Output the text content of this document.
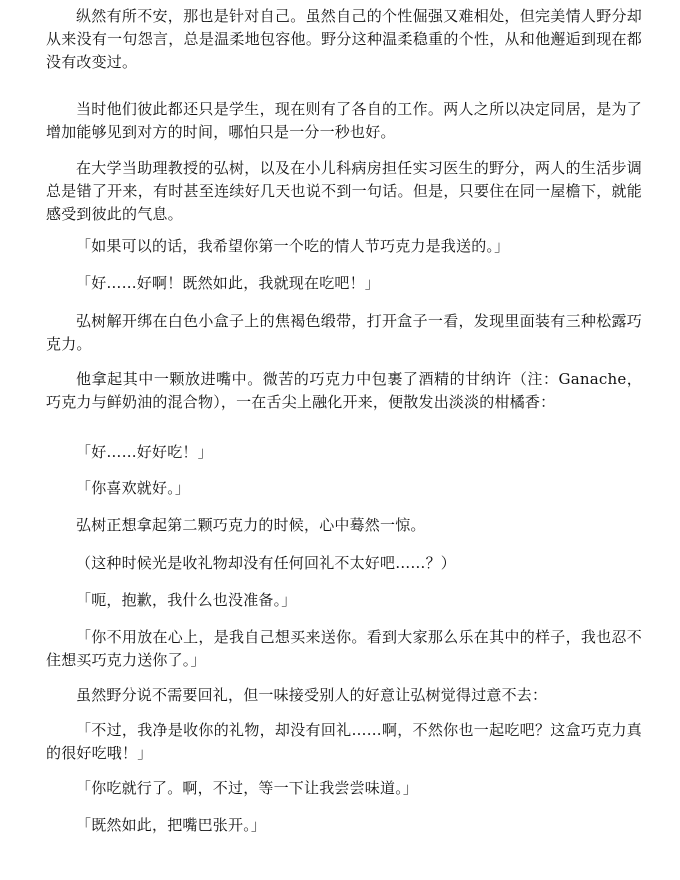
纵然有所不安，那也是针对自己。虽然自己的个性倔强又难相处，但完美情人野分却从来没有一句怨言，总是温柔地包容他。野分这种温柔稳重的个性，从和他邂逅到现在都没有改变过。

当时他们彼此都还只是学生，现在则有了各自的工作。两人之所以决定同居，是为了增加能够见到对方的时间，哪怕只是一分一秒也好。

在大学当助理教授的弘树，以及在小儿科病房担任实习医生的野分，两人的生活步调总是错了开来，有时甚至连续好几天也说不到一句话。但是，只要住在同一屋檐下，就能感受到彼此的气息。

「如果可以的话，我希望你第一个吃的情人节巧克力是我送的。」

「好……好啊！既然如此，我就现在吃吧！」

弘树解开绑在白色小盒子上的焦褐色缎带，打开盒子一看，发现里面装有三种松露巧克力。

他拿起其中一颗放进嘴中。微苦的巧克力中包裹了酒精的甘纳许（注：Ganache，巧克力与鲜奶油的混合物），一在舌尖上融化开来，便散发出淡淡的柑橘香：

「好……好好吃！」

「你喜欢就好。」

弘树正想拿起第二颗巧克力的时候，心中蓦然一惊。

（这种时候光是收礼物却没有任何回礼不太好吧……？）

「呃，抱歉，我什么也没准备。」

「你不用放在心上，是我自己想买来送你。看到大家那么乐在其中的样子，我也忍不住想买巧克力送你了。」

虽然野分说不需要回礼，但一味接受别人的好意让弘树觉得过意不去：

「不过，我净是收你的礼物，却没有回礼……啊，不然你也一起吃吧？这盒巧克力真的很好吃哦！」

「你吃就行了。啊，不过，等一下让我尝尝味道。」

「既然如此，把嘴巴张开。」
